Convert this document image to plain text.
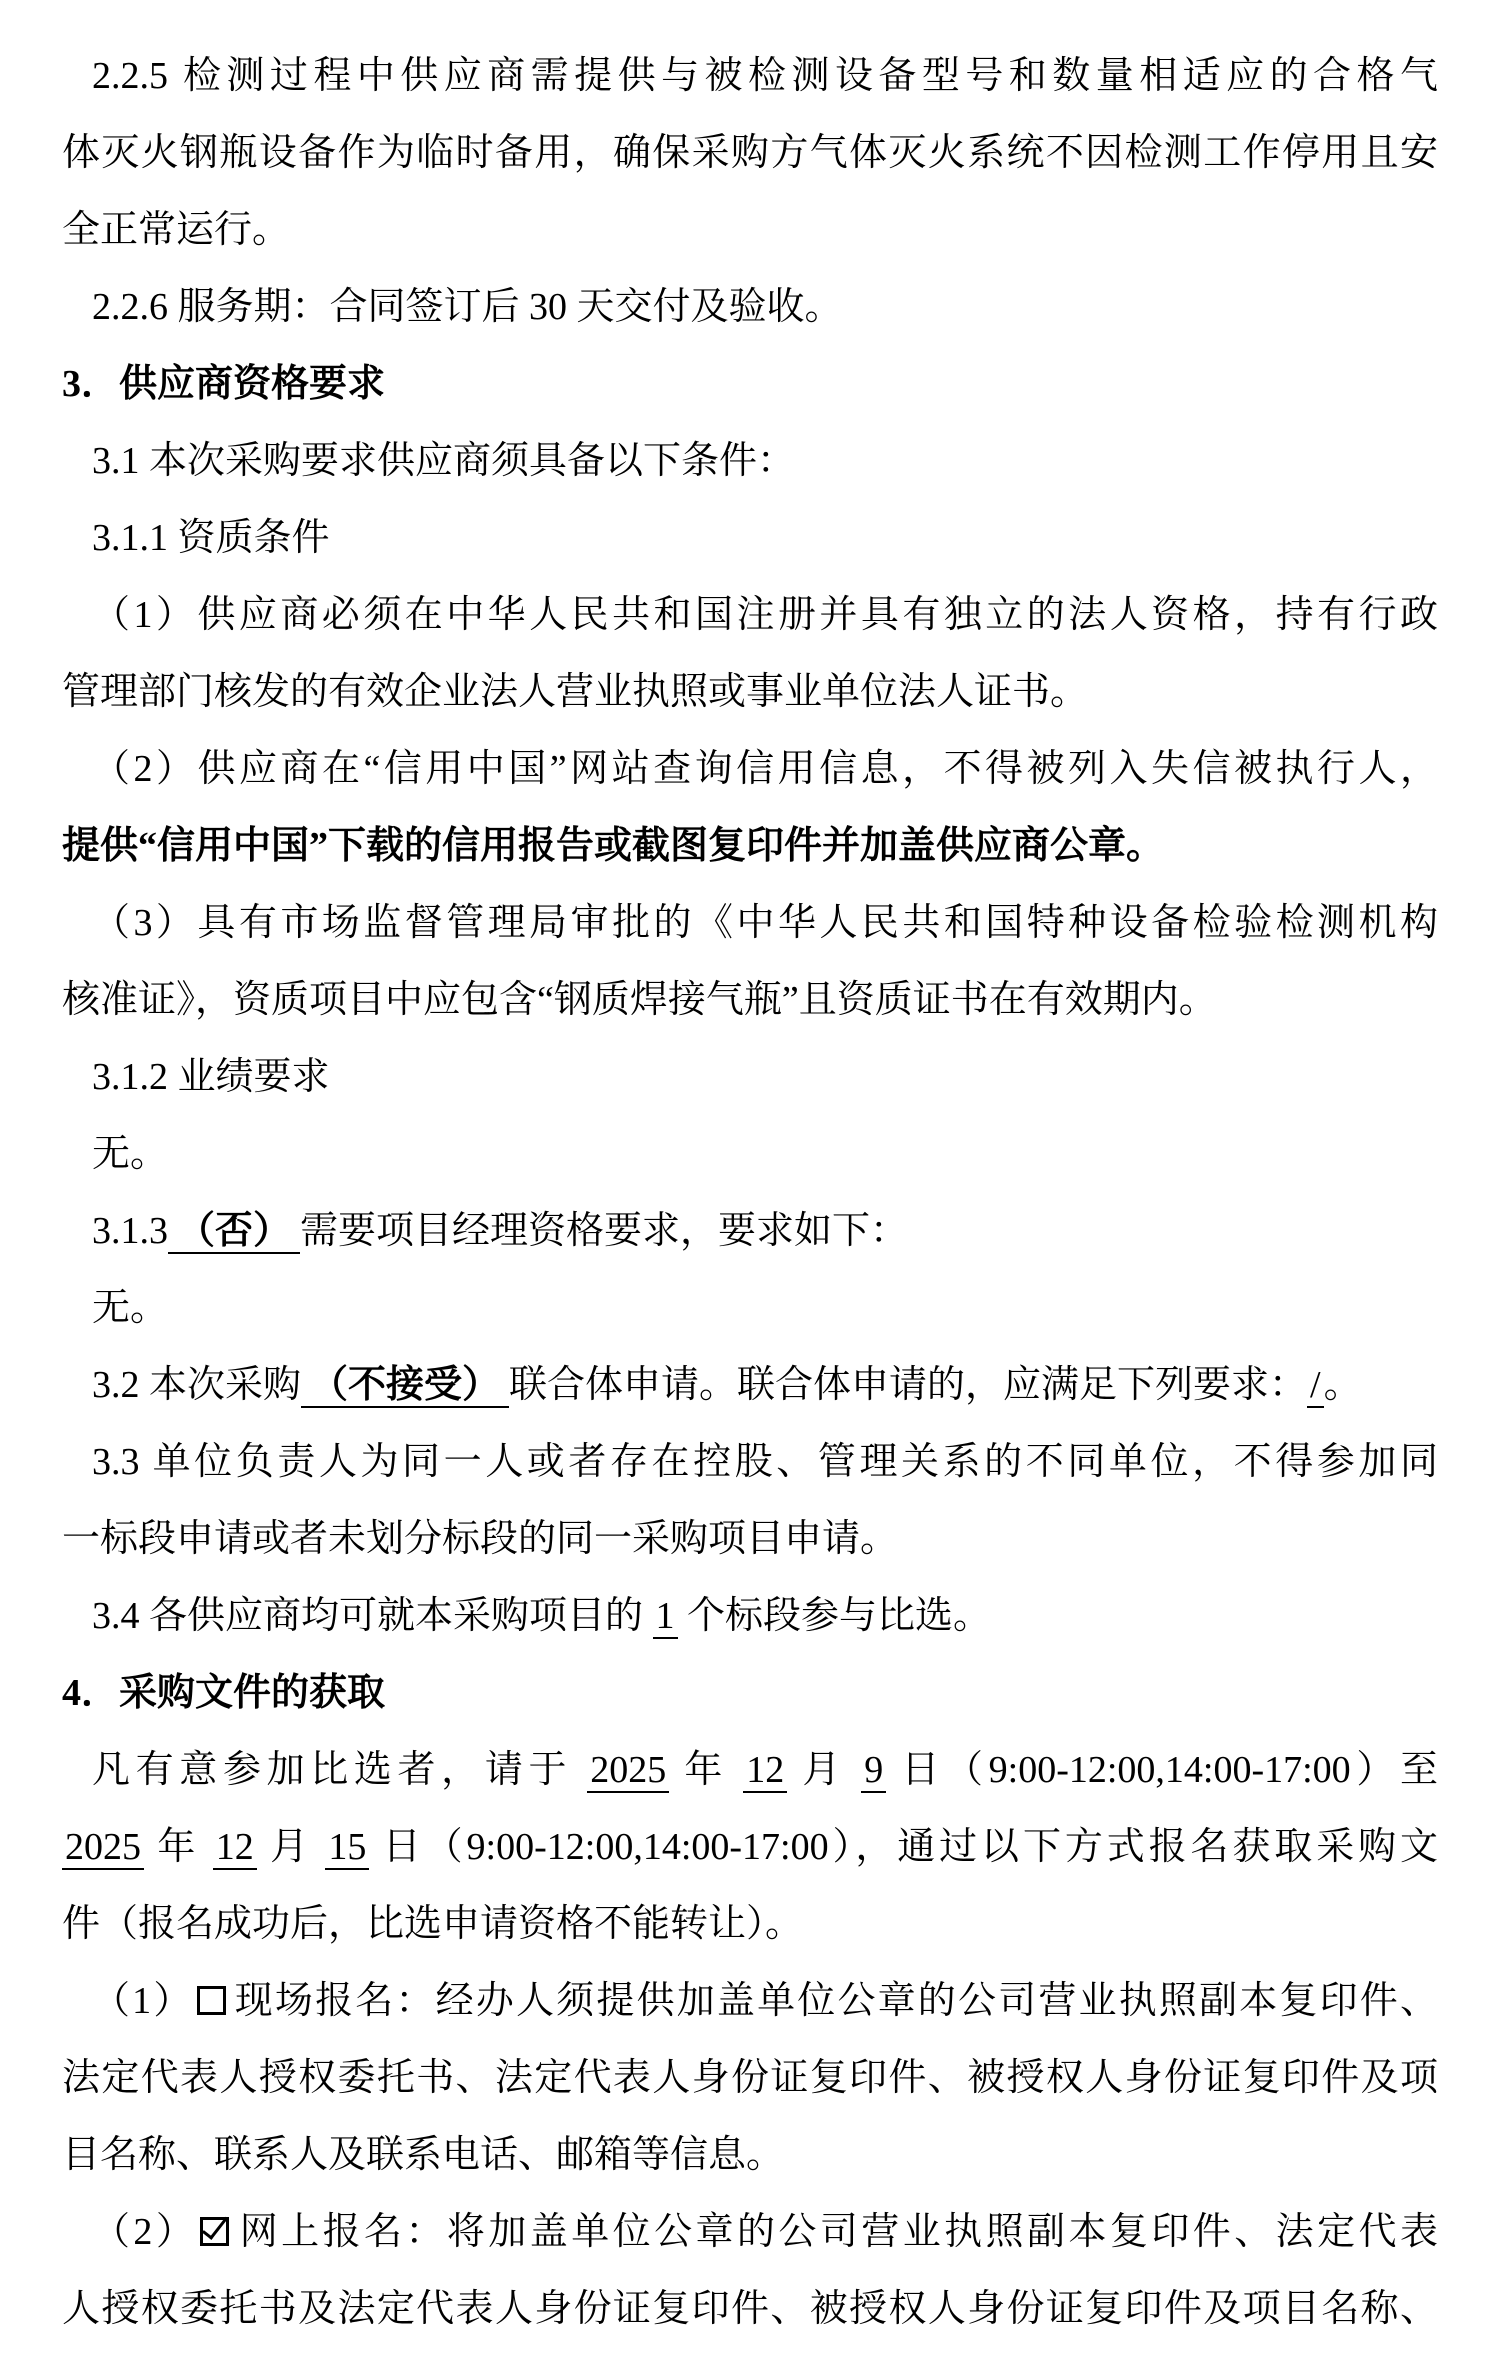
2.2.5 检测过程中供应商需提供与被检测设备型号和数量相适应的合格气

体灭火钢瓶设备作为临时备用，确保采购方气体灭火系统不因检测工作停用且安

全正常运行。

2.2.6 服务期：合同签订后 30 天交付及验收。

3．供应商资格要求

3.1 本次采购要求供应商须具备以下条件：

3.1.1 资质条件

（1）供应商必须在中华人民共和国注册并具有独立的法人资格，持有行政

管理部门核发的有效企业法人营业执照或事业单位法人证书。

（2）供应商在“信用中国”网站查询信用信息，不得被列入失信被执行人，

提供“信用中国”下载的信用报告或截图复印件并加盖供应商公章。

（3）具有市场监督管理局审批的《中华人民共和国特种设备检验检测机构

核准证》，资质项目中应包含“钢质焊接气瓶”且资质证书在有效期内。

3.1.2 业绩要求

无。

3.1.3 （否） 需要项目经理资格要求，要求如下：

无。

3.2 本次采购 （不接受） 联合体申请。联合体申请的，应满足下列要求：/。

3.3 单位负责人为同一人或者存在控股、管理关系的不同单位，不得参加同

一标段申请或者未划分标段的同一采购项目申请。

3.4 各供应商均可就本采购项目的 1 个标段参与比选。

4．采购文件的获取

凡有意参加比选者，请于 2025 年 12 月 9 日（9:00-12:00,14:00-17:00）至

2025 年 12 月 15 日（9:00-12:00,14:00-17:00），通过以下方式报名获取采购文

件（报名成功后，比选申请资格不能转让）。

（1） 现场报名：经办人须提供加盖单位公章的公司营业执照副本复印件、

法定代表人授权委托书、法定代表人身份证复印件、被授权人身份证复印件及项

目名称、联系人及联系电话、邮箱等信息。

（2） 网上报名：将加盖单位公章的公司营业执照副本复印件、法定代表

人授权委托书及法定代表人身份证复印件、被授权人身份证复印件及项目名称、
